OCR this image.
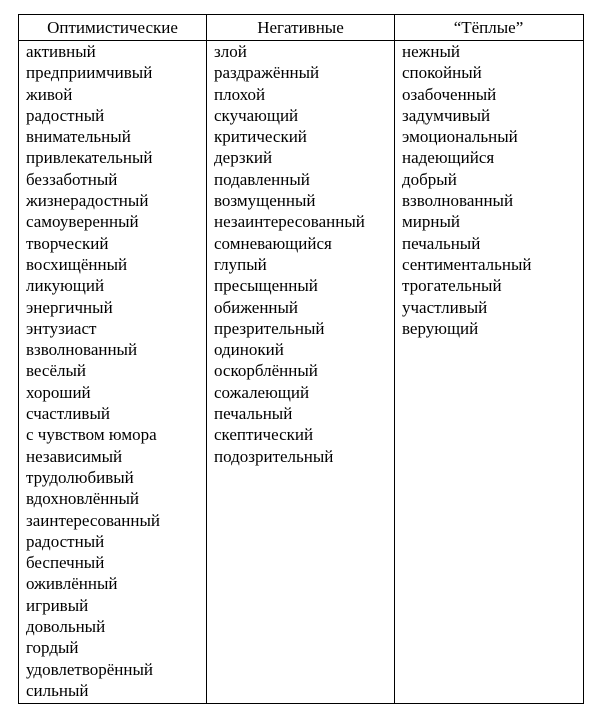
Оптимистические	Негативные	“Тёплые”
активный
предприимчивый
живой
радостный
внимательный
привлекательный
беззаботный
жизнерадостный
самоуверенный
творческий
восхищённый
ликующий
энергичный
энтузиаст
взволнованный
весёлый
хороший
счастливый
с чувством юмора
независимый
трудолюбивый
вдохновлённый
заинтересованный
радостный
беспечный
оживлённый
игривый
довольный
гордый
удовлетворённый
сильный
злой
раздражённый
плохой
скучающий
критический
дерзкий
подавленный
возмущенный
незаинтересованный
сомневающийся
глупый
пресыщенный
обиженный
презрительный
одинокий
оскорблённый
сожалеющий
печальный
скептический
подозрительный
нежный
спокойный
озабоченный
задумчивый
эмоциональный
надеющийся
добрый
взволнованный
мирный
печальный
сентиментальный
трогательный
участливый
верующий
